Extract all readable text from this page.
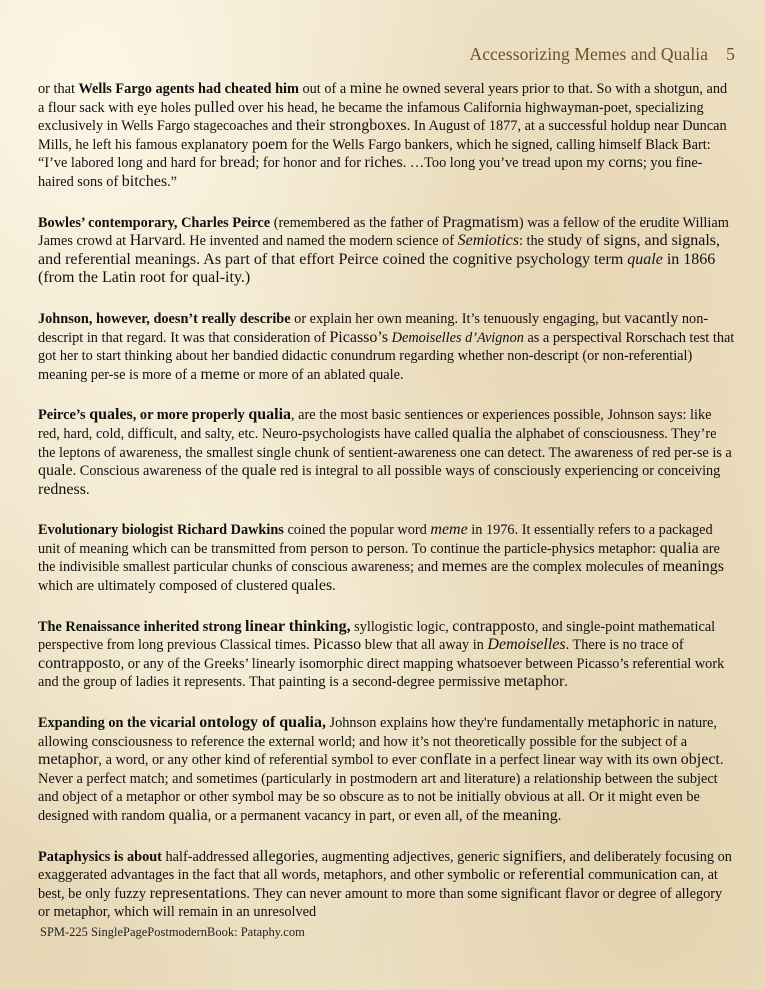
Accessorizing Memes and Qualia 5

or that Wells Fargo agents had cheated him out of a mine he owned several years prior to that. So with a shotgun, and a flour sack with eye holes pulled over his head, he became the infamous California highwayman-poet, specializing exclusively in Wells Fargo stagecoaches and their strongboxes. In August of 1877, at a successful holdup near Duncan Mills, he left his famous explanatory poem for the Wells Fargo bankers, which he signed, calling himself Black Bart: “I’ve labored long and hard for bread; for honor and for riches. …Too long you’ve tread upon my corns; you fine-haired sons of bitches.”

Bowles’ contemporary, Charles Peirce (remembered as the father of Pragmatism) was a fellow of the erudite William James crowd at Harvard. He invented and named the modern science of Semiotics: the study of signs, and signals, and referential meanings. As part of that effort Peirce coined the cognitive psychology term quale in 1866 (from the Latin root for qual-ity.)

Johnson, however, doesn’t really describe or explain her own meaning. It’s tenuously engaging, but vacantly non-descript in that regard. It was that consideration of Picasso’s Demoiselles d’Avignon as a perspectival Rorschach test that got her to start thinking about her bandied didactic conundrum regarding whether non-descript (or non-referential) meaning per-se is more of a meme or more of an ablated quale.

Peirce’s quales, or more properly qualia, are the most basic sentiences or experiences possible, Johnson says: like red, hard, cold, difficult, and salty, etc. Neuro-psychologists have called qualia the alphabet of consciousness. They’re the leptons of awareness, the smallest single chunk of sentient-awareness one can detect. The awareness of red per-se is a quale. Conscious awareness of the quale red is integral to all possible ways of consciously experiencing or conceiving redness.

Evolutionary biologist Richard Dawkins coined the popular word meme in 1976. It essentially refers to a packaged unit of meaning which can be transmitted from person to person. To continue the particle-physics metaphor: qualia are the indivisible smallest particular chunks of conscious awareness; and memes are the complex molecules of meanings which are ultimately composed of clustered quales.

The Renaissance inherited strong linear thinking, syllogistic logic, contrapposto, and single-point mathematical perspective from long previous Classical times. Picasso blew that all away in Demoiselles. There is no trace of contrapposto, or any of the Greeks’ linearly isomorphic direct mapping whatsoever between Picasso’s referential work and the group of ladies it represents. That painting is a second-degree permissive metaphor.

Expanding on the vicarial ontology of qualia, Johnson explains how they're fundamentally metaphoric in nature, allowing consciousness to reference the external world; and how it’s not theoretically possible for the subject of a metaphor, a word, or any other kind of referential symbol to ever conflate in a perfect linear way with its own object. Never a perfect match; and sometimes (particularly in postmodern art and literature) a relationship between the subject and object of a metaphor or other symbol may be so obscure as to not be initially obvious at all. Or it might even be designed with random qualia, or a permanent vacancy in part, or even all, of the meaning.

Pataphysics is about half-addressed allegories, augmenting adjectives, generic signifiers, and deliberately focusing on exaggerated advantages in the fact that all words, metaphors, and other symbolic or referential communication can, at best, be only fuzzy representations. They can never amount to more than some significant flavor or degree of allegory or metaphor, which will remain in an unresolved

SPM-225 SinglePagePostmodernBook: Pataphy.com
